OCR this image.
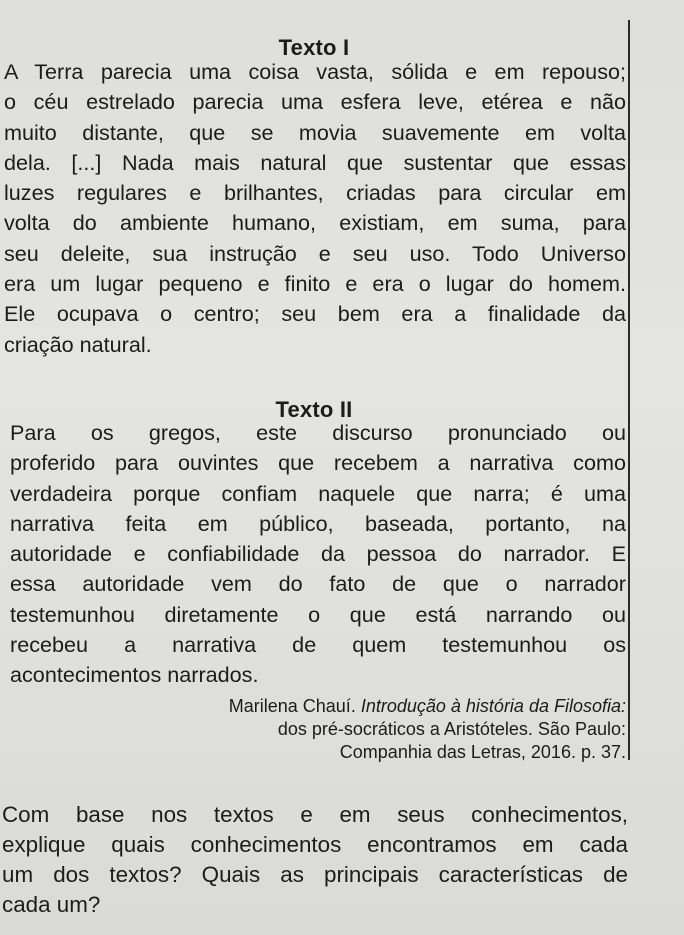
Texto I
A Terra parecia uma coisa vasta, sólida e em repouso;
o céu estrelado parecia uma esfera leve, etérea e não
muito distante, que se movia suavemente em volta
dela. [...] Nada mais natural que sustentar que essas
luzes regulares e brilhantes, criadas para circular em
volta do ambiente humano, existiam, em suma, para
seu deleite, sua instrução e seu uso. Todo Universo
era um lugar pequeno e finito e era o lugar do homem.
Ele ocupava o centro; seu bem era a finalidade da
criação natural.
Texto II
Para os gregos, este discurso pronunciado ou
proferido para ouvintes que recebem a narrativa como
verdadeira porque confiam naquele que narra; é uma
narrativa feita em público, baseada, portanto, na
autoridade e confiabilidade da pessoa do narrador. E
essa autoridade vem do fato de que o narrador
testemunhou diretamente o que está narrando ou
recebeu a narrativa de quem testemunhou os
acontecimentos narrados.
Marilena Chauí. Introdução à história da Filosofia:
dos pré-socráticos a Aristóteles. São Paulo:
Companhia das Letras, 2016. p. 37.
Com base nos textos e em seus conhecimentos,
explique quais conhecimentos encontramos em cada
um dos textos? Quais as principais características de
cada um?
